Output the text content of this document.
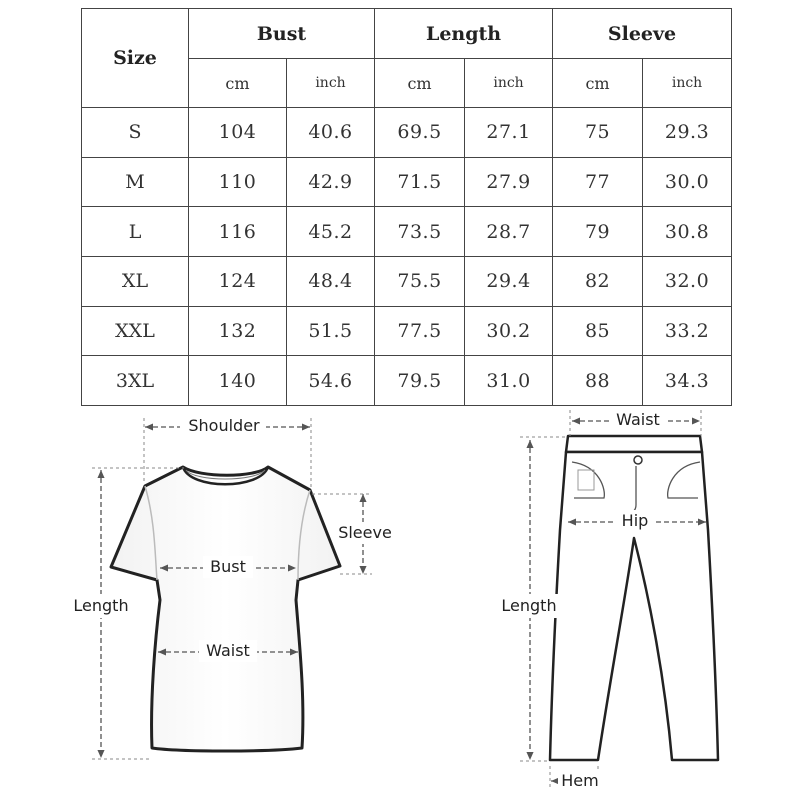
Size	Bust		Length		Sleeve	
	cm	inch	cm	inch	cm	inch
S	104	40.6	69.5	27.1	75	29.3
M	110	42.9	71.5	27.9	77	30.0
L	116	45.2	73.5	28.7	79	30.8
XL	124	48.4	75.5	29.4	82	32.0
XXL	132	51.5	77.5	30.2	85	33.2
3XL	140	54.6	79.5	31.0	88	34.3
Shoulder
Sleeve
Bust
Waist
Length
Waist
Hip
Length
Hem
